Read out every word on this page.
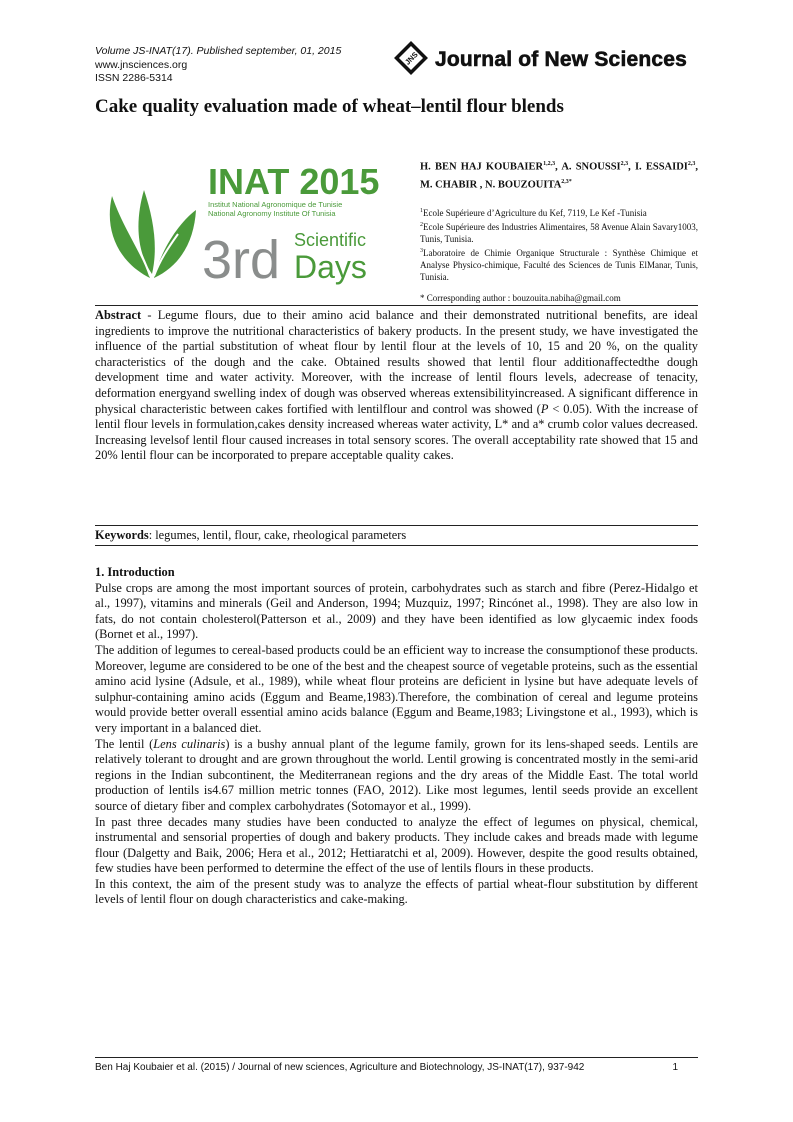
Volume JS-INAT(17). Published september, 01, 2015
www.jnsciences.org
ISSN 2286-5314
JNS Journal of New Sciences
Cake quality evaluation made of wheat–lentil flour blends
INAT 2015
Institut National Agronomique de Tunisie
National Agronomy Institute Of Tunisia
3rd Scientific
Days
H. BEN HAJ KOUBAIER$^{1,2,3}$, A. SNOUSSI$^{2,3}$, I. ESSAIDI$^{2,3}$, M. CHABIR , N. $BOUZOUITA^{2,3*}$
$^1$Ecole Supérieure d’Agriculture du Kef, 7119, Le Kef -Tunisia
$^2$Ecole Supérieure des Industries Alimentaires, 58 Avenue Alain Savary1003, Tunis, Tunisia.
$^3$Laboratoire de Chimie Organique Structurale : Synthèse Chimique et Analyse Physico-chimique, Faculté des Sciences de Tunis ElManar, Tunis, Tunisia.
* Corresponding author : bouzouita.nabiha@gmail.com
Abstract - Legume flours, due to their amino acid balance and their demonstrated nutritional benefits, are ideal ingredients to improve the nutritional characteristics of bakery products. In the present study, we have investigated the influence of the partial substitution of wheat flour by lentil flour at the levels of 10, 15 and 20 %, on the quality characteristics of the dough and the cake. Obtained results showed that lentil flour additionaffectedthe dough development time and water activity. Moreover, with the increase of lentil flours levels, adecrease of tenacity, deformation energyand swelling index of dough was observed whereas extensibilityincreased. A significant difference in physical characteristic between cakes fortified with lentilflour and control was showed (P < 0.05). With the increase of lentil flour levels in formulation,cakes density increased whereas water activity, L* and a* crumb color values decreased. Increasing levelsof lentil flour caused increases in total sensory scores. The overall acceptability rate showed that 15 and 20% lentil flour can be incorporated to prepare acceptable quality cakes.
Keywords: legumes, lentil, flour, cake, rheological parameters

1. Introduction

Pulse crops are among the most important sources of protein, carbohydrates such as starch and fibre (Perez-Hidalgo et al., 1997), vitamins and minerals (Geil and Anderson, 1994; Muzquiz, 1997; Rincónet al., 1998). They are also low in fats, do not contain cholesterol(Patterson et al., 2009) and they have been identified as low glycaemic index foods (Bornet et al., 1997).

The addition of legumes to cereal-based products could be an efficient way to increase the consumptionof these products. Moreover, legume are considered to be one of the best and the cheapest source of vegetable proteins, such as the essential amino acid lysine (Adsule, et al., 1989), while wheat flour proteins are deficient in lysine but have adequate levels of sulphur-containing amino acids (Eggum and Beame,1983).Therefore, the combination of cereal and legume proteins would provide better overall essential amino acids balance (Eggum and Beame,1983; Livingstone et al., 1993), which is very important in a balanced diet.

The lentil (Lens culinaris) is a bushy annual plant of the legume family, grown for its lens-shaped seeds. Lentils are relatively tolerant to drought and are grown throughout the world. Lentil growing is concentrated mostly in the semi-arid regions in the Indian subcontinent, the Mediterranean regions and the dry areas of the Middle East. The total world production of lentils is4.67 million metric tonnes (FAO, 2012). Like most legumes, lentil seeds provide an excellent source of dietary fiber and complex carbohydrates (Sotomayor et al., 1999).

In past three decades many studies have been conducted to analyze the effect of legumes on physical, chemical, instrumental and sensorial properties of dough and bakery products. They include cakes and breads made with legume flour (Dalgetty and Baik, 2006; Hera et al., 2012; Hettiaratchi et al, 2009). However, despite the good results obtained, few studies have been performed to determine the effect of the use of lentils flours in these products.

In this context, the aim of the present study was to analyze the effects of partial wheat-flour substitution by different levels of lentil flour on dough characteristics and cake-making.

Ben Haj Koubaier et al. (2015) / Journal of new sciences, Agriculture and Biotechnology, JS-INAT(17), 937-942	1
